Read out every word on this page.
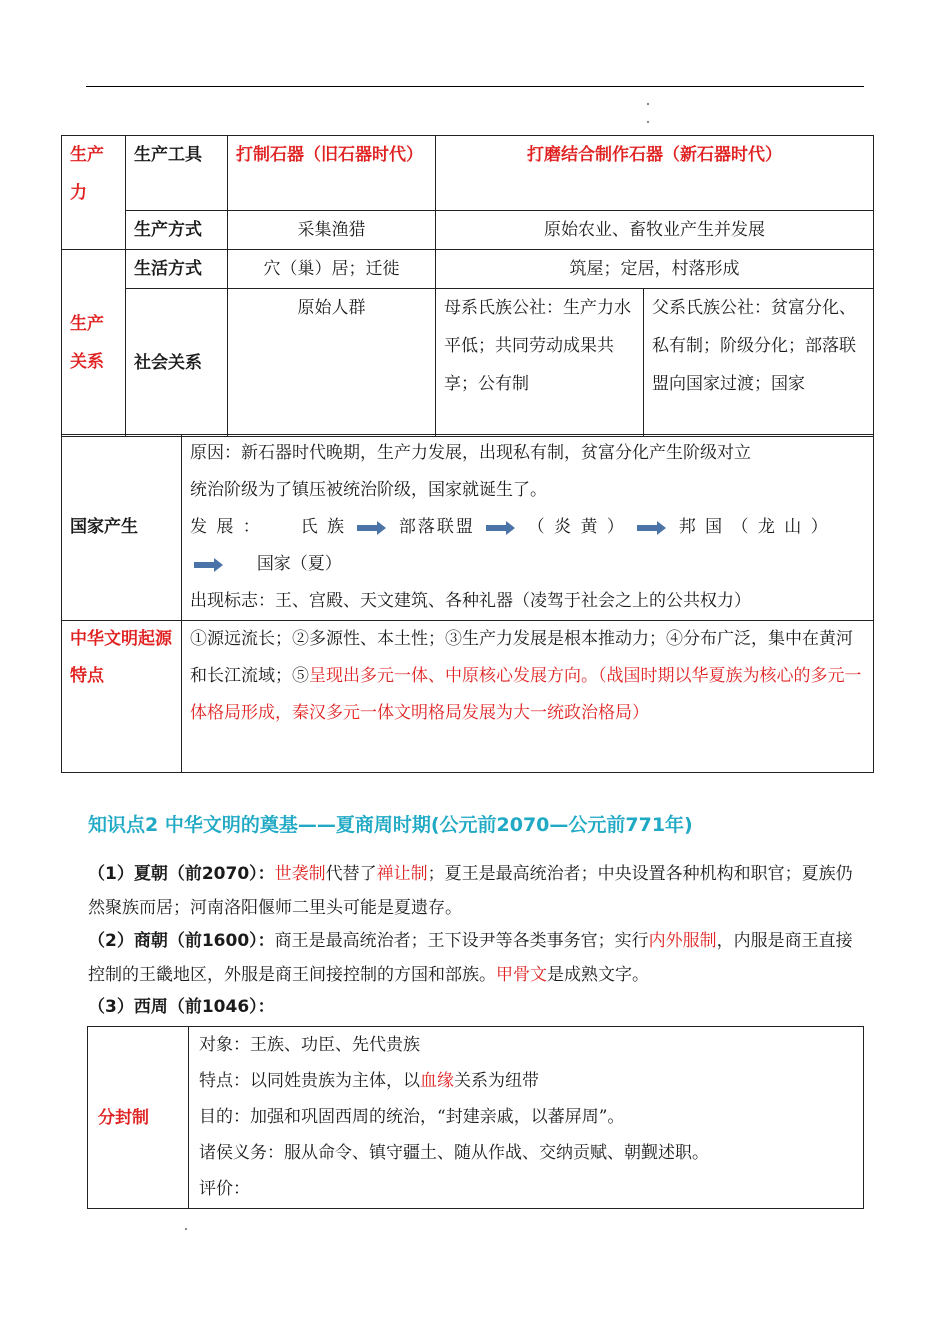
生产力	生产工具	打制石器（旧石器时代）	打磨结合制作石器（新石器时代）	
	生产方式	采集渔猎	原始农业、畜牧业产生并发展	
生产关系	生活方式	穴（巢）居；迁徙	筑屋；定居，村落形成	
	社会关系	原始人群	母系氏族公社：生产力水平低；共同劳动成果共享；公有制	父系氏族公社：贫富分化、私有制；阶级分化；部落联盟向国家过渡；国家
国家产生	原因：新石器时代晚期，生产力发展，出现私有制，贫富分化产生阶级对立
统治阶级为了镇压被统治阶级，国家就诞生了。
发 展 ： 氏 族 部落联盟 （ 炎 黄 ） 邦 国 （ 龙 山 ）
国家（夏）
出现标志：王、宫殿、天文建筑、各种礼器（凌驾于社会之上的公共权力）

中华文明起源特点	①源远流长；②多源性、本土性；③生产力发展是根本推动力；④分布广泛，集中在黄河和长江流域；⑤呈现出多元一体、中原核心发展方向。（战国时期以华夏族为核心的多元一体格局形成，秦汉多元一体文明格局发展为大一统政治格局）
知识点2 中华文明的奠基——夏商周时期(公元前2070—公元前771年)
（1）夏朝（前2070）：世袭制代替了禅让制；夏王是最高统治者；中央设置各种机构和职官；夏族仍然聚族而居；河南洛阳偃师二里头可能是夏遗存。
（2）商朝（前1600）：商王是最高统治者；王下设尹等各类事务官；实行内外服制，内服是商王直接控制的王畿地区，外服是商王间接控制的方国和部族。甲骨文是成熟文字。
（3）西周（前1046）：
分封制	
对象：王族、功臣、先代贵族
特点：以同姓贵族为主体，以血缘关系为纽带
目的：加强和巩固西周的统治，“封建亲戚，以蕃屏周”。
诸侯义务：服从命令、镇守疆土、随从作战、交纳贡赋、朝觐述职。
评价：
